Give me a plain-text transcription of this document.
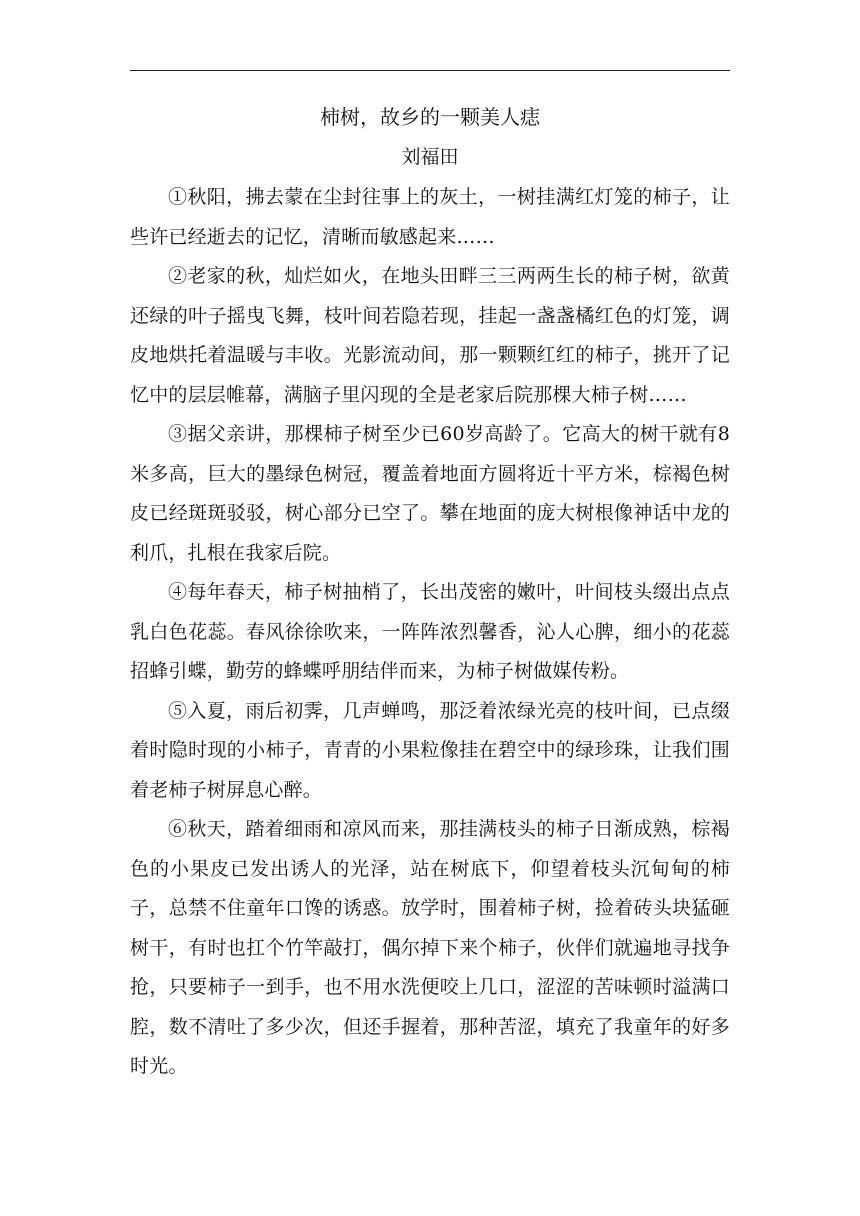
柿树，故乡的一颗美人痣
刘福田

①秋阳，拂去蒙在尘封往事上的灰土，一树挂满红灯笼的柿子，让些许已经逝去的记忆，清晰而敏感起来……

②老家的秋，灿烂如火，在地头田畔三三两两生长的柿子树，欲黄还绿的叶子摇曳飞舞，枝叶间若隐若现，挂起一盏盏橘红色的灯笼，调皮地烘托着温暖与丰收。光影流动间，那一颗颗红红的柿子，挑开了记忆中的层层帷幕，满脑子里闪现的全是老家后院那棵大柿子树……

③据父亲讲，那棵柿子树至少已60岁高龄了。它高大的树干就有8米多高，巨大的墨绿色树冠，覆盖着地面方圆将近十平方米，棕褐色树皮已经斑斑驳驳，树心部分已空了。攀在地面的庞大树根像神话中龙的利爪，扎根在我家后院。

④每年春天，柿子树抽梢了，长出茂密的嫩叶，叶间枝头缀出点点乳白色花蕊。春风徐徐吹来，一阵阵浓烈馨香，沁人心脾，细小的花蕊招蜂引蝶，勤劳的蜂蝶呼朋结伴而来，为柿子树做媒传粉。

⑤入夏，雨后初霁，几声蝉鸣，那泛着浓绿光亮的枝叶间，已点缀着时隐时现的小柿子，青青的小果粒像挂在碧空中的绿珍珠，让我们围着老柿子树屏息心醉。

⑥秋天，踏着细雨和凉风而来，那挂满枝头的柿子日渐成熟，棕褐色的小果皮已发出诱人的光泽，站在树底下，仰望着枝头沉甸甸的柿子，总禁不住童年口馋的诱惑。放学时，围着柿子树，捡着砖头块猛砸树干，有时也扛个竹竿敲打，偶尔掉下来个柿子，伙伴们就遍地寻找争抢，只要柿子一到手，也不用水洗便咬上几口，涩涩的苦味顿时溢满口腔，数不清吐了多少次，但还手握着，那种苦涩，填充了我童年的好多时光。
